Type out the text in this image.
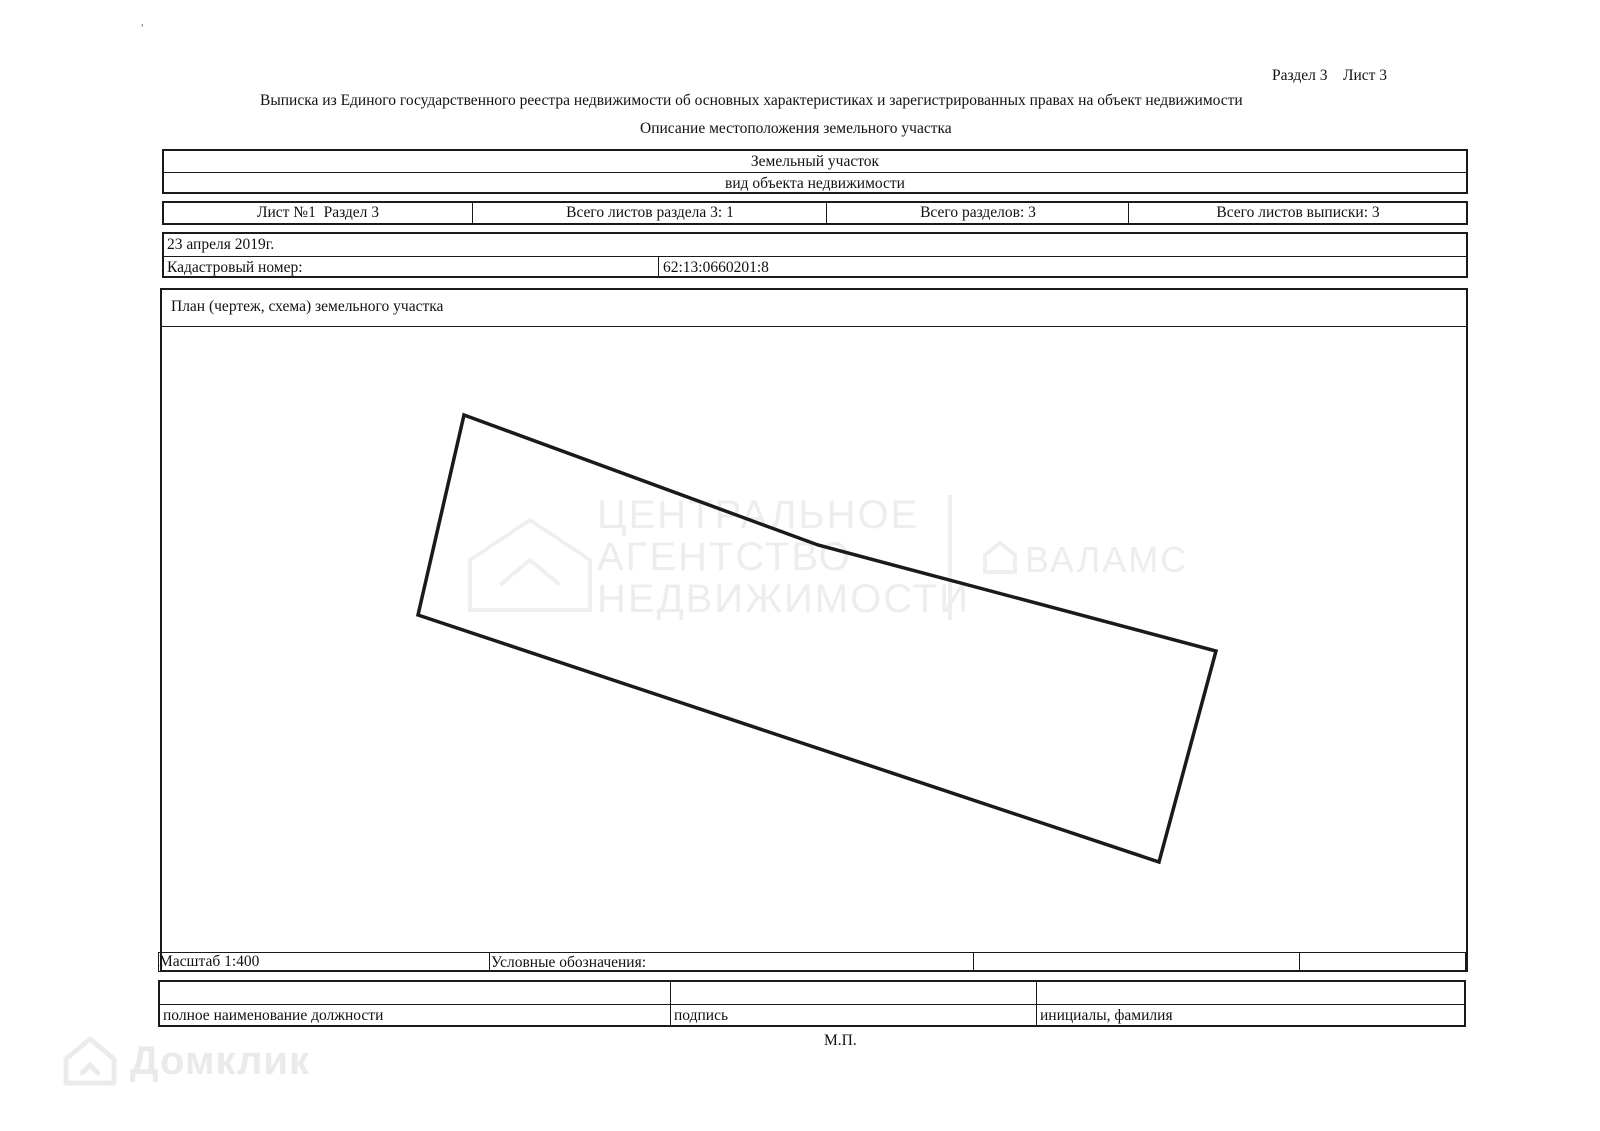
˒
Раздел 3    Лист 3
Выписка из Единого государственного реестра недвижимости об основных характеристиках и зарегистрированных правах на объект недвижимости
Описание местоположения земельного участка
Земельный участок
вид объекта недвижимости
Лист №1  Раздел 3	Всего листов раздела 3: 1	Всего разделов: 3	Всего листов выписки: 3
23 апреля 2019г.
Кадастровый номер:	62:13:0660201:8
План (чертеж, схема) земельного участка
ЦЕНТРАЛЬНОЕ
АГЕНТСТВО
НЕДВИЖИМОСТИ
ВАЛАМС
Масштаб 1:400	Условные обозначения:
полное наименование должности	подпись	инициалы, фамилия
М.П.
Домклик
